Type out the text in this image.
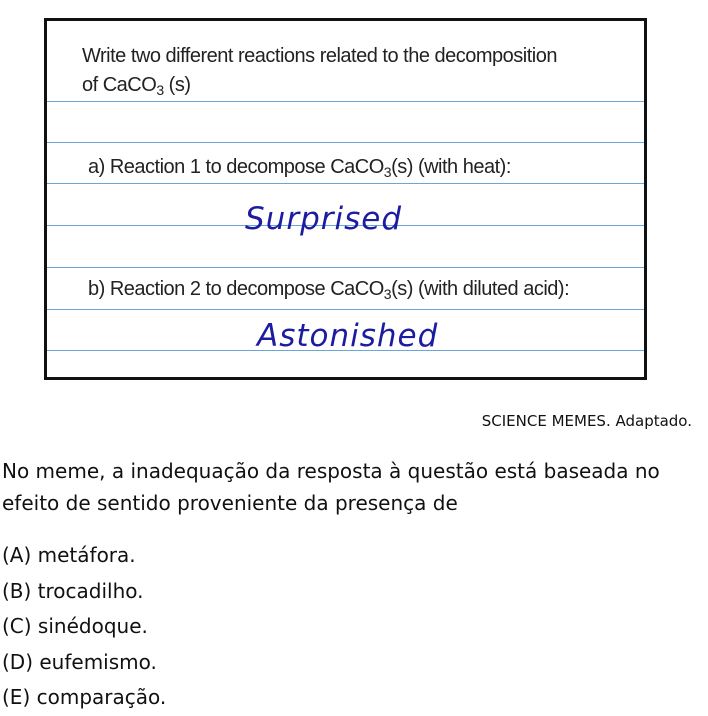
Write two different reactions related to the decomposition
of CaCO$_3$ (s)
a) Reaction 1 to decompose CaCO$_3$(s) (with heat):
Surprised
b) Reaction 2 to decompose CaCO$_3$(s) (with diluted acid):
Astonished
SCIENCE MEMES. Adaptado.
No meme, a inadequação da resposta à questão está baseada no efeito de sentido proveniente da presença de
(A) metáfora.
(B) trocadilho.
(C) sinédoque.
(D) eufemismo.
(E) comparação.
